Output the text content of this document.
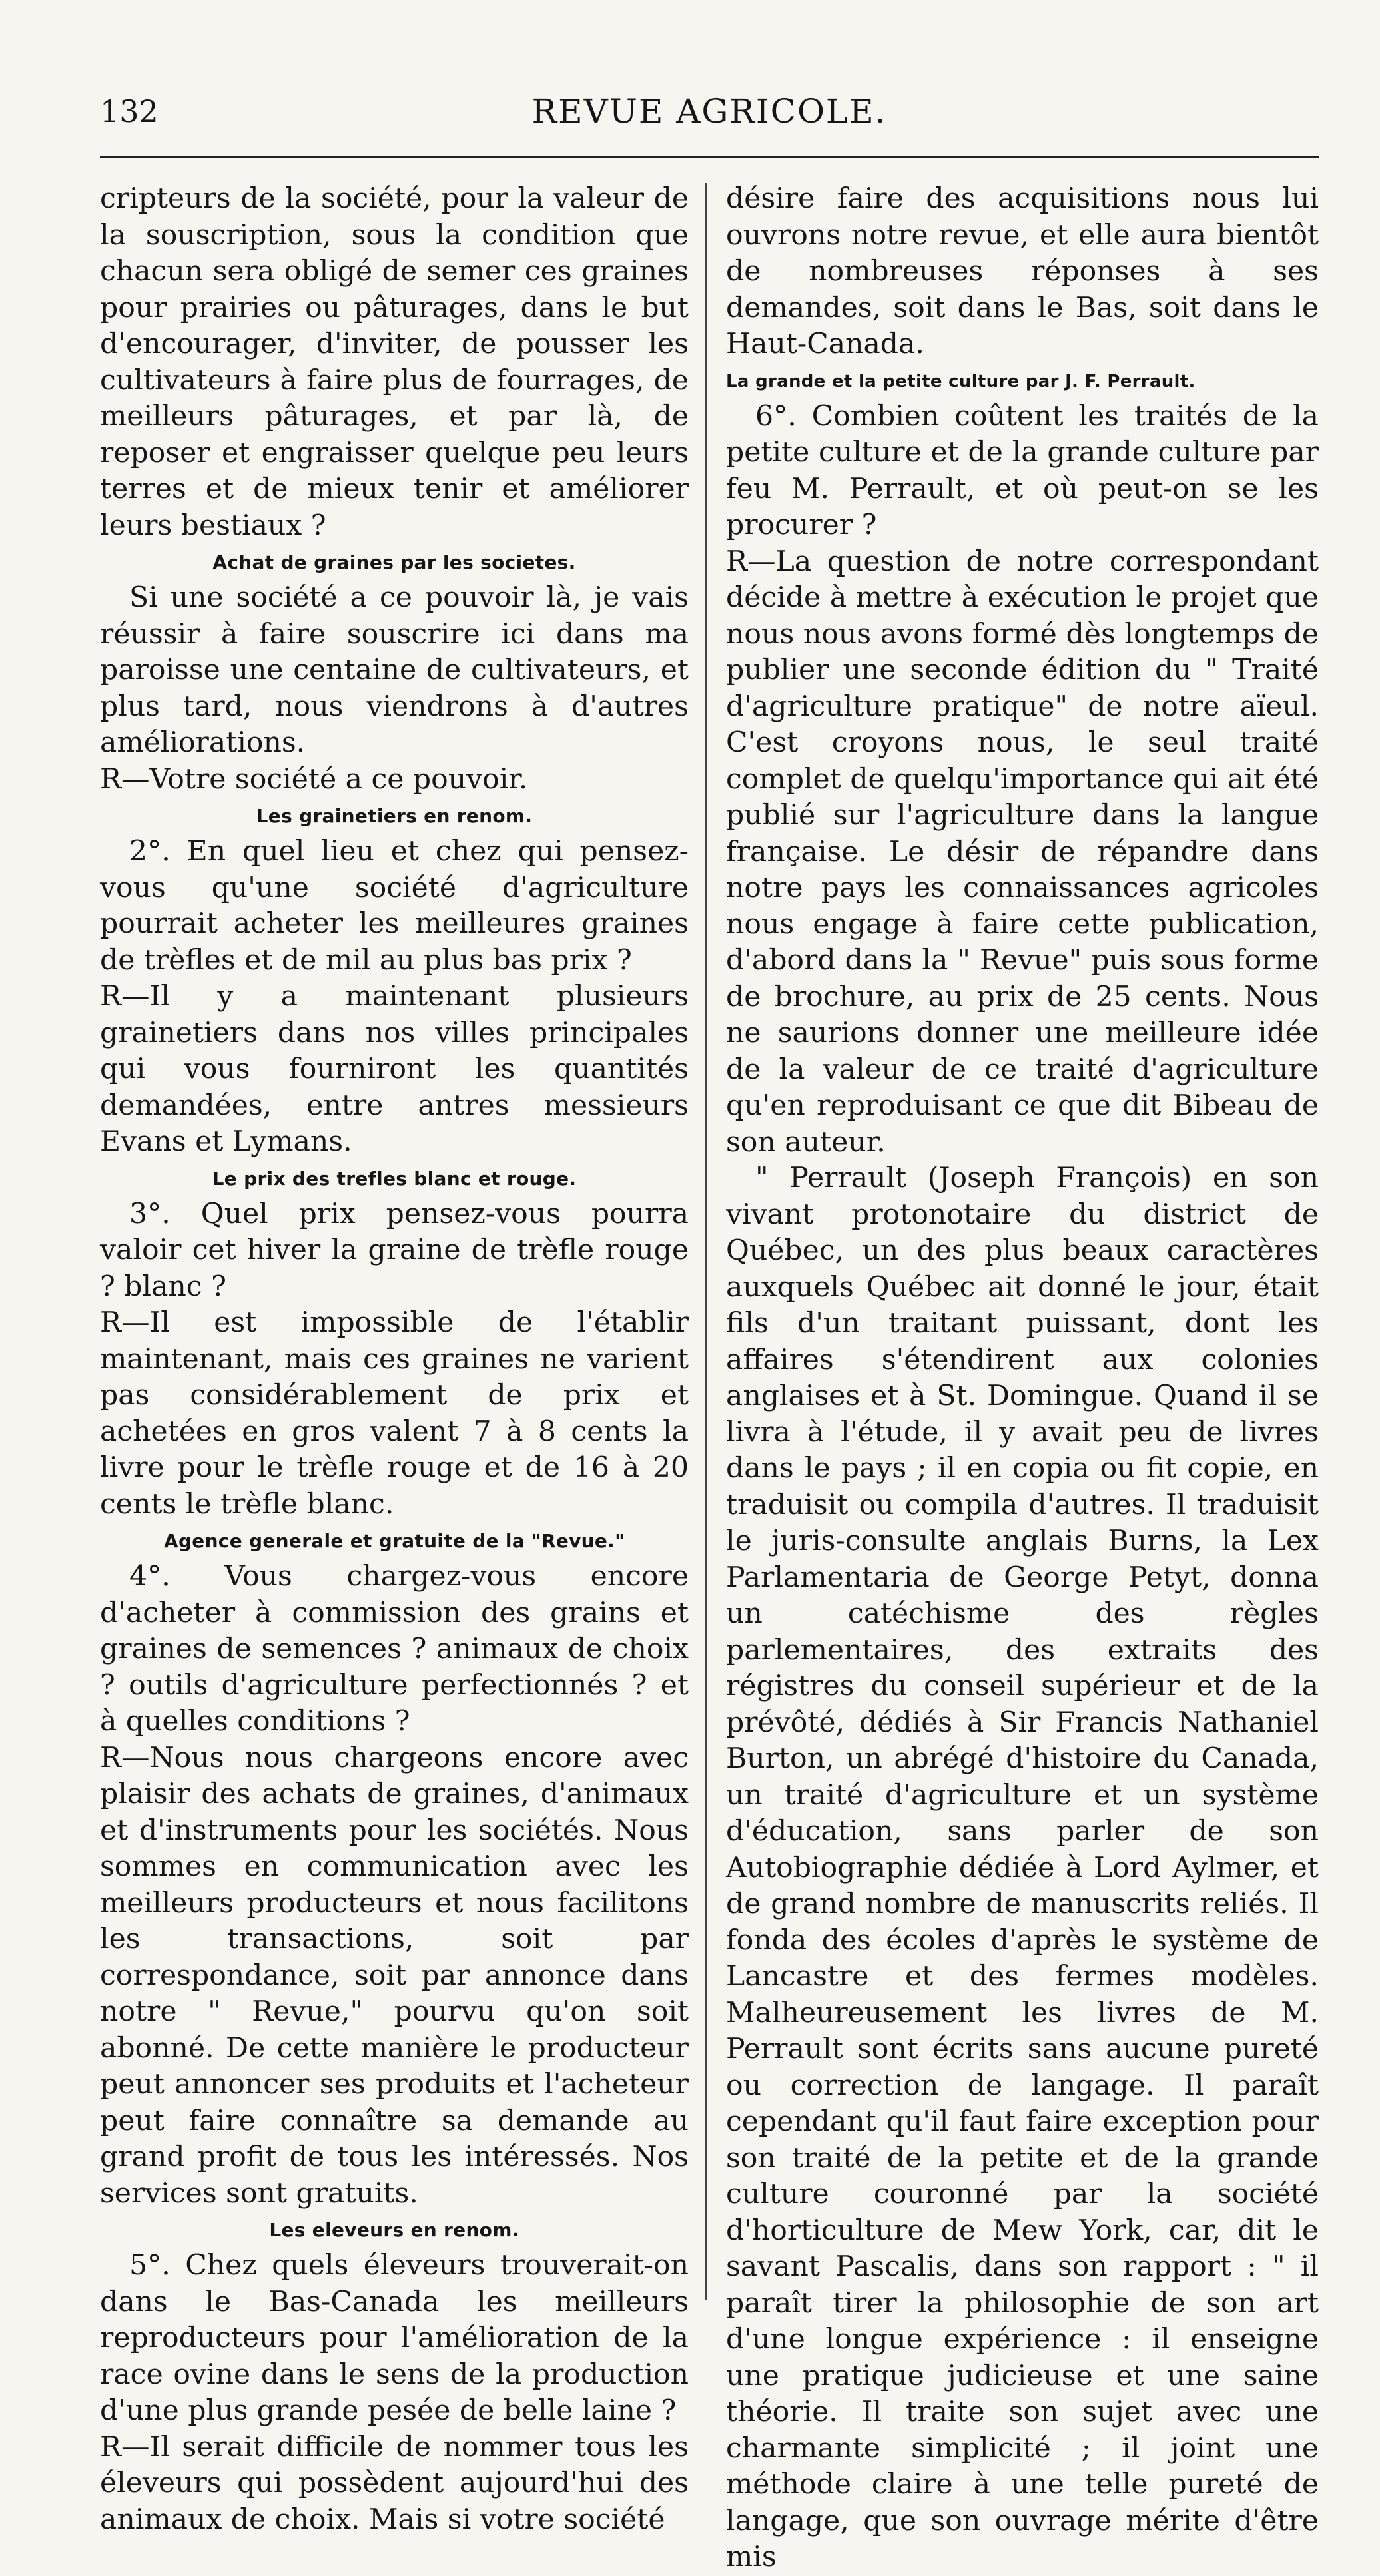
132	REVUE AGRICOLE.

cripteurs de la société, pour la valeur de la souscription, sous la condition que chacun sera obligé de semer ces graines pour prairies ou pâturages, dans le but d'encourager, d'inviter, de pousser les cultivateurs à faire plus de fourrages, de meilleurs pâturages, et par là, de reposer et engraisser quelque peu leurs terres et de mieux tenir et améliorer leurs bestiaux ?

Achat de graines par les societes.

Si une société a ce pouvoir là, je vais réussir à faire souscrire ici dans ma paroisse une centaine de cultivateurs, et plus tard, nous viendrons à d'autres améliorations.

R—Votre société a ce pouvoir.

Les grainetiers en renom.

2°. En quel lieu et chez qui pensez-vous qu'une société d'agriculture pourrait acheter les meilleures graines de trèfles et de mil au plus bas prix ?

R—Il y a maintenant plusieurs grainetiers dans nos villes principales qui vous fourniront les quantités demandées, entre antres messieurs Evans et Lymans.

Le prix des trefles blanc et rouge.

3°. Quel prix pensez-vous pourra valoir cet hiver la graine de trèfle rouge ? blanc ?

R—Il est impossible de l'établir maintenant, mais ces graines ne varient pas considérablement de prix et achetées en gros valent 7 à 8 cents la livre pour le trèfle rouge et de 16 à 20 cents le trèfle blanc.

Agence generale et gratuite de la "Revue."

4°. Vous chargez-vous encore d'acheter à commission des grains et graines de semences ? animaux de choix ? outils d'agriculture perfectionnés ? et à quelles conditions ?

R—Nous nous chargeons encore avec plaisir des achats de graines, d'animaux et d'instruments pour les sociétés. Nous sommes en communication avec les meilleurs producteurs et nous facilitons les transactions, soit par correspondance, soit par annonce dans notre " Revue," pourvu qu'on soit abonné. De cette manière le producteur peut annoncer ses produits et l'acheteur peut faire connaître sa demande au grand profit de tous les intéressés. Nos services sont gratuits.

Les eleveurs en renom.

5°. Chez quels éleveurs trouverait-on dans le Bas-Canada les meilleurs reproducteurs pour l'amélioration de la race ovine dans le sens de la production d'une plus grande pesée de belle laine ?

R—Il serait difficile de nommer tous les éleveurs qui possèdent aujourd'hui des animaux de choix. Mais si votre société

désire faire des acquisitions nous lui ouvrons notre revue, et elle aura bientôt de nombreuses réponses à ses demandes, soit dans le Bas, soit dans le Haut-Canada.

La grande et la petite culture par J. F. Perrault.

6°. Combien coûtent les traités de la petite culture et de la grande culture par feu M. Perrault, et où peut-on se les procurer ?

R—La question de notre correspondant décide à mettre à exécution le projet que nous nous avons formé dès longtemps de publier une seconde édition du " Traité d'agriculture pratique" de notre aïeul. C'est croyons nous, le seul traité complet de quelqu'importance qui ait été publié sur l'agriculture dans la langue française. Le désir de répandre dans notre pays les connaissances agricoles nous engage à faire cette publication, d'abord dans la " Revue" puis sous forme de brochure, au prix de 25 cents. Nous ne saurions donner une meilleure idée de la valeur de ce traité d'agriculture qu'en reproduisant ce que dit Bibeau de son auteur.

" Perrault (Joseph François) en son vivant protonotaire du district de Québec, un des plus beaux caractères auxquels Québec ait donné le jour, était fils d'un traitant puissant, dont les affaires s'étendirent aux colonies anglaises et à St. Domingue. Quand il se livra à l'étude, il y avait peu de livres dans le pays ; il en copia ou fit copie, en traduisit ou compila d'autres. Il traduisit le juris-consulte anglais Burns, la Lex Parlamentaria de George Petyt, donna un catéchisme des règles parlementaires, des extraits des régistres du conseil supérieur et de la prévôté, dédiés à Sir Francis Nathaniel Burton, un abrégé d'histoire du Canada, un traité d'agriculture et un système d'éducation, sans parler de son Autobiographie dédiée à Lord Aylmer, et de grand nombre de manuscrits reliés. Il fonda des écoles d'après le système de Lancastre et des fermes modèles. Malheureusement les livres de M. Perrault sont écrits sans aucune pureté ou correction de langage. Il paraît cependant qu'il faut faire exception pour son traité de la petite et de la grande culture couronné par la société d'horticulture de Mew York, car, dit le savant Pascalis, dans son rapport : " il paraît tirer la philosophie de son art d'une longue expérience : il enseigne une pratique judicieuse et une saine théorie. Il traite son sujet avec une charmante simplicité ; il joint une méthode claire à une telle pureté de langage, que son ouvrage mérite d'être mis
